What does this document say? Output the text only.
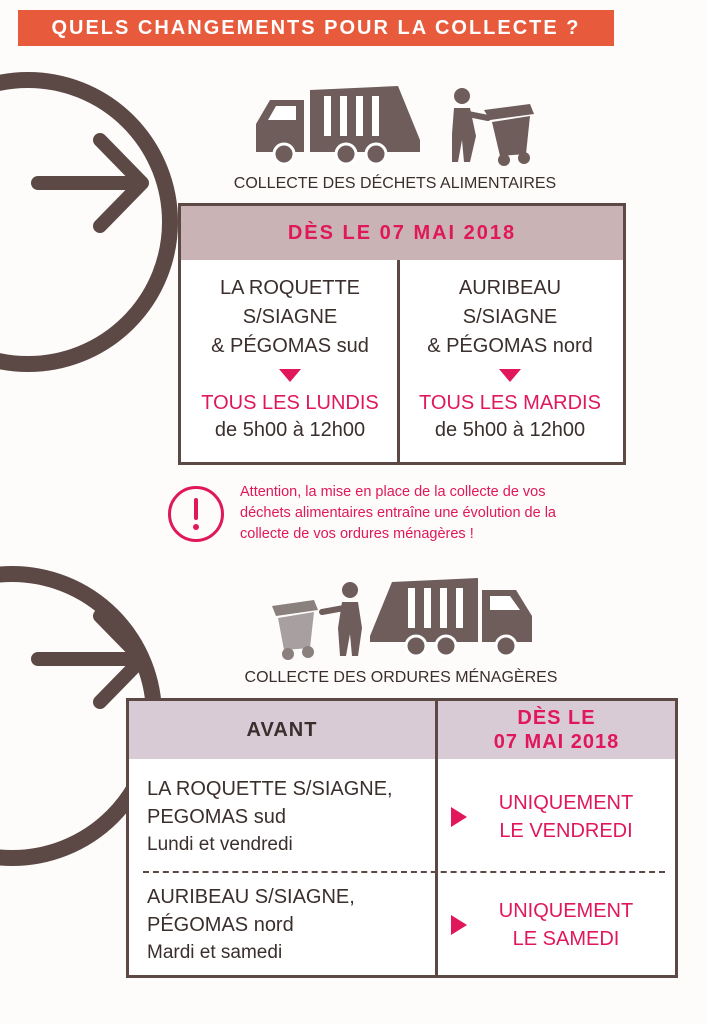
QUELS CHANGEMENTS POUR LA COLLECTE ?
COLLECTE DES DÉCHETS ALIMENTAIRES
DÈS LE 07 MAI 2018
LA ROQUETTE
S/SIAGNE
& PÉGOMAS sud
TOUS LES LUNDIS
de 5h00 à 12h00
AURIBEAU
S/SIAGNE
& PÉGOMAS nord
TOUS LES MARDIS
de 5h00 à 12h00
Attention, la mise en place de la collecte de vos
déchets alimentaires entraîne une évolution de la
collecte de vos ordures ménagères !
COLLECTE DES ORDURES MÉNAGÈRES
AVANT
DÈS LE
07 MAI 2018
LA ROQUETTE S/SIAGNE,
PEGOMAS sud
Lundi et vendredi
UNIQUEMENT
LE VENDREDI
AURIBEAU S/SIAGNE,
PÉGOMAS nord
Mardi et samedi
UNIQUEMENT
LE SAMEDI
